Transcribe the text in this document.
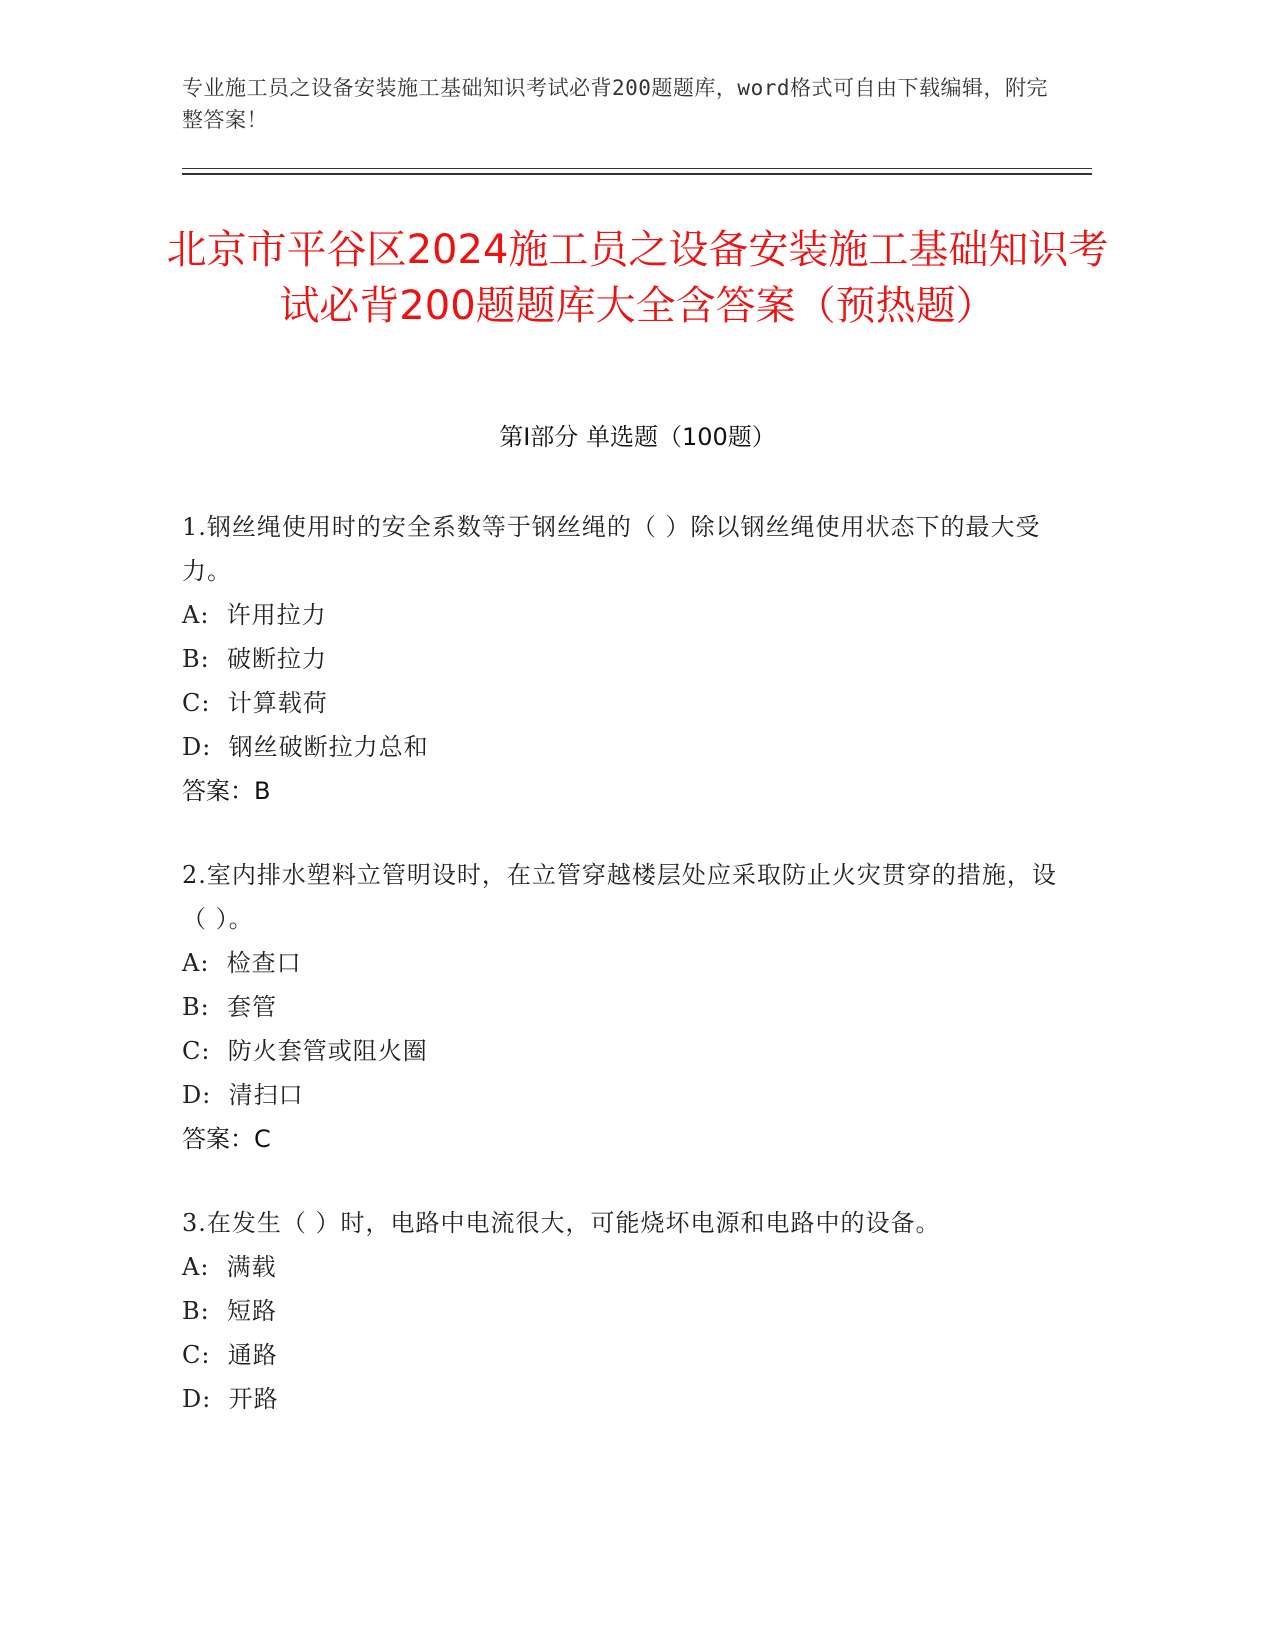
专业施工员之设备安装施工基础知识考试必背200题题库，word格式可自由下载编辑，附完整答案！
北京市平谷区2024施工员之设备安装施工基础知识考试必背200题题库大全含答案（预热题）
第I部分 单选题（100题）
1.钢丝绳使用时的安全系数等于钢丝绳的（ ）除以钢丝绳使用状态下的最大受力。
A:  许用拉力
B:  破断拉力
C:  计算载荷
D:  钢丝破断拉力总和
答案：B
2.室内排水塑料立管明设时，在立管穿越楼层处应采取防止火灾贯穿的措施，设（ ）。
A:  检查口
B:  套管
C:  防火套管或阻火圈
D:  清扫口
答案：C
3.在发生（ ）时，电路中电流很大，可能烧坏电源和电路中的设备。
A:  满载
B:  短路
C:  通路
D:  开路
